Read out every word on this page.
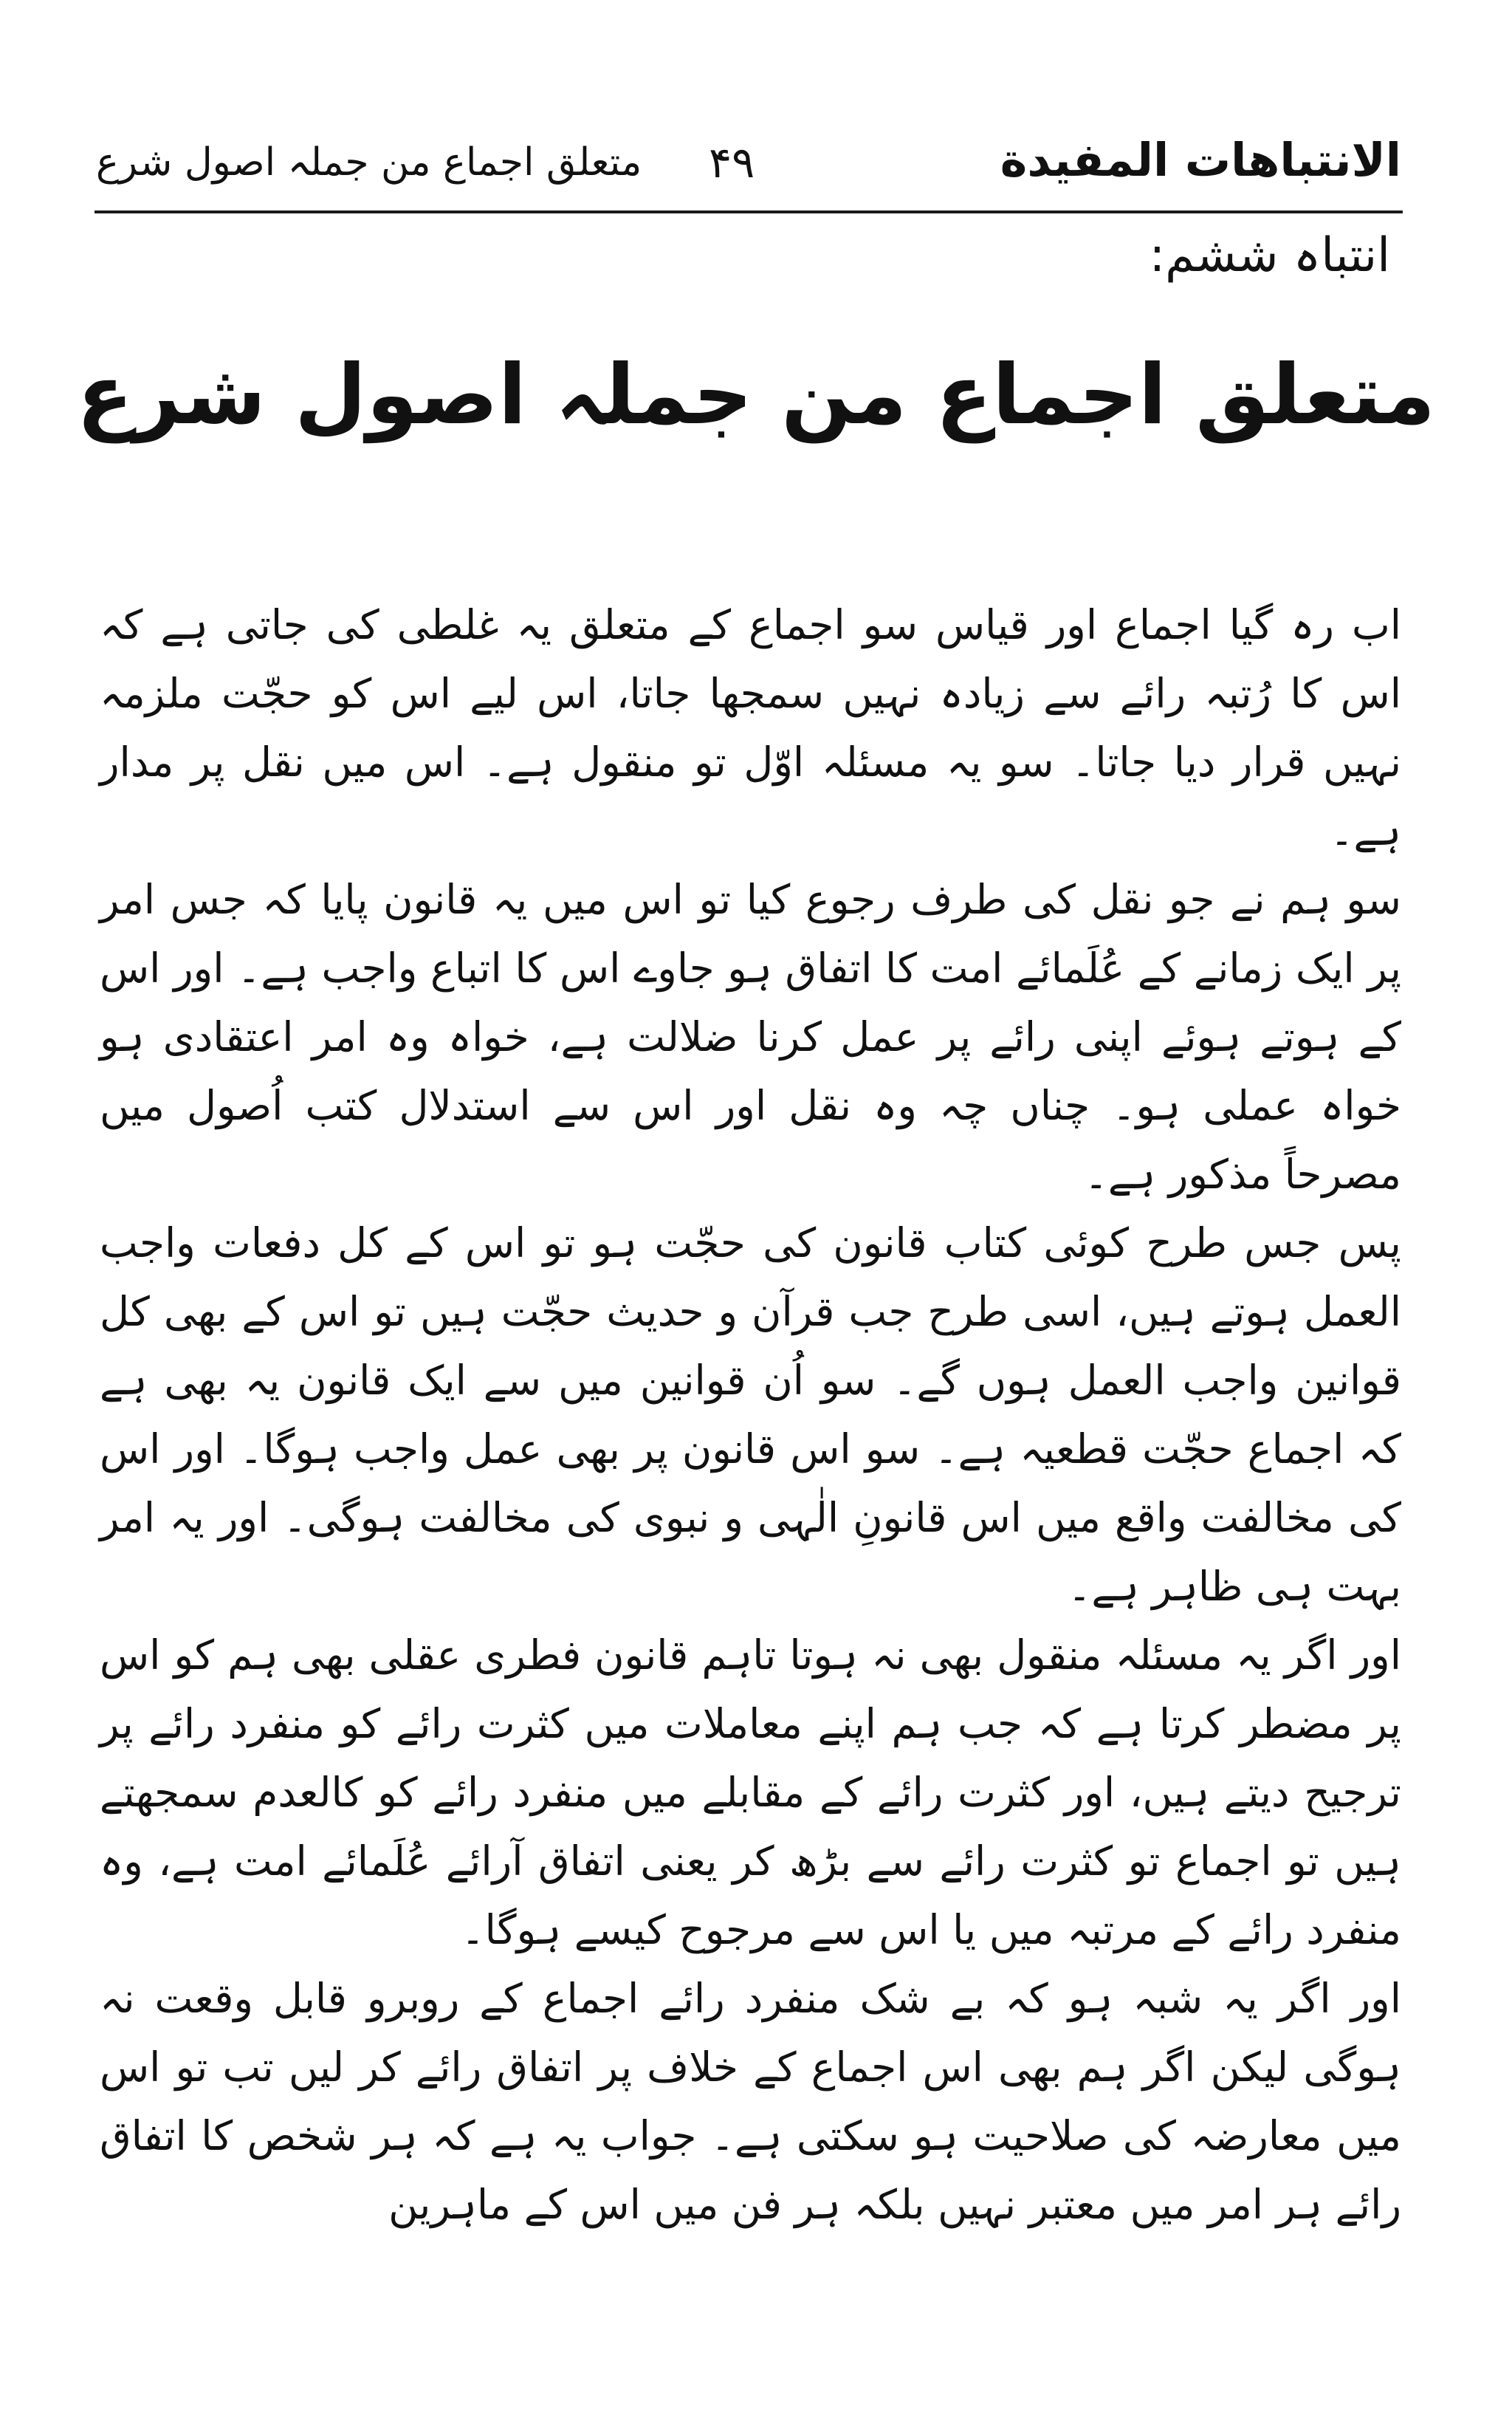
الانتباهات المفيدة
۴۹
متعلق اجماع من جملہ اصول شرع
انتباہ ششم:
متعلق اجماع من جملہ اصول شرع

اب رہ گیا اجماع اور قیاس سو اجماع کے متعلق یہ غلطی کی جاتی ہے کہ اس کا رُتبہ رائے سے زیادہ نہیں سمجھا جاتا، اس لیے اس کو حجّت ملزمہ نہیں قرار دیا جاتا۔ سو یہ مسئلہ اوّل تو منقول ہے۔ اس میں نقل پر مدار ہے۔

سو ہم نے جو نقل کی طرف رجوع کیا تو اس میں یہ قانون پایا کہ جس امر پر ایک زمانے کے عُلَمائے امت کا اتفاق ہو جاوے اس کا اتباع واجب ہے۔ اور اس کے ہوتے ہوئے اپنی رائے پر عمل کرنا ضلالت ہے، خواہ وہ امر اعتقادی ہو خواہ عملی ہو۔ چناں چہ وہ نقل اور اس سے استدلال کتب اُصول میں مصرحاً مذکور ہے۔

پس جس طرح کوئی کتاب قانون کی حجّت ہو تو اس کے کل دفعات واجب العمل ہوتے ہیں، اسی طرح جب قرآن و حدیث حجّت ہیں تو اس کے بھی کل قوانین واجب العمل ہوں گے۔ سو اُن قوانین میں سے ایک قانون یہ بھی ہے کہ اجماع حجّت قطعیہ ہے۔ سو اس قانون پر بھی عمل واجب ہوگا۔ اور اس کی مخالفت واقع میں اس قانونِ الٰہی و نبوی کی مخالفت ہوگی۔ اور یہ امر بہت ہی ظاہر ہے۔

اور اگر یہ مسئلہ منقول بھی نہ ہوتا تاہم قانون فطری عقلی بھی ہم کو اس پر مضطر کرتا ہے کہ جب ہم اپنے معاملات میں کثرت رائے کو منفرد رائے پر ترجیح دیتے ہیں، اور کثرت رائے کے مقابلے میں منفرد رائے کو کالعدم سمجھتے ہیں تو اجماع تو کثرت رائے سے بڑھ کر یعنی اتفاق آرائے عُلَمائے امت ہے، وہ منفرد رائے کے مرتبہ میں یا اس سے مرجوح کیسے ہوگا۔

اور اگر یہ شبہ ہو کہ بے شک منفرد رائے اجماع کے روبرو قابل وقعت نہ ہوگی لیکن اگر ہم بھی اس اجماع کے خلاف پر اتفاق رائے کر لیں تب تو اس میں معارضہ کی صلاحیت ہو سکتی ہے۔ جواب یہ ہے کہ ہر شخص کا اتفاق رائے ہر امر میں معتبر نہیں بلکہ ہر فن میں اس کے ماہرین
